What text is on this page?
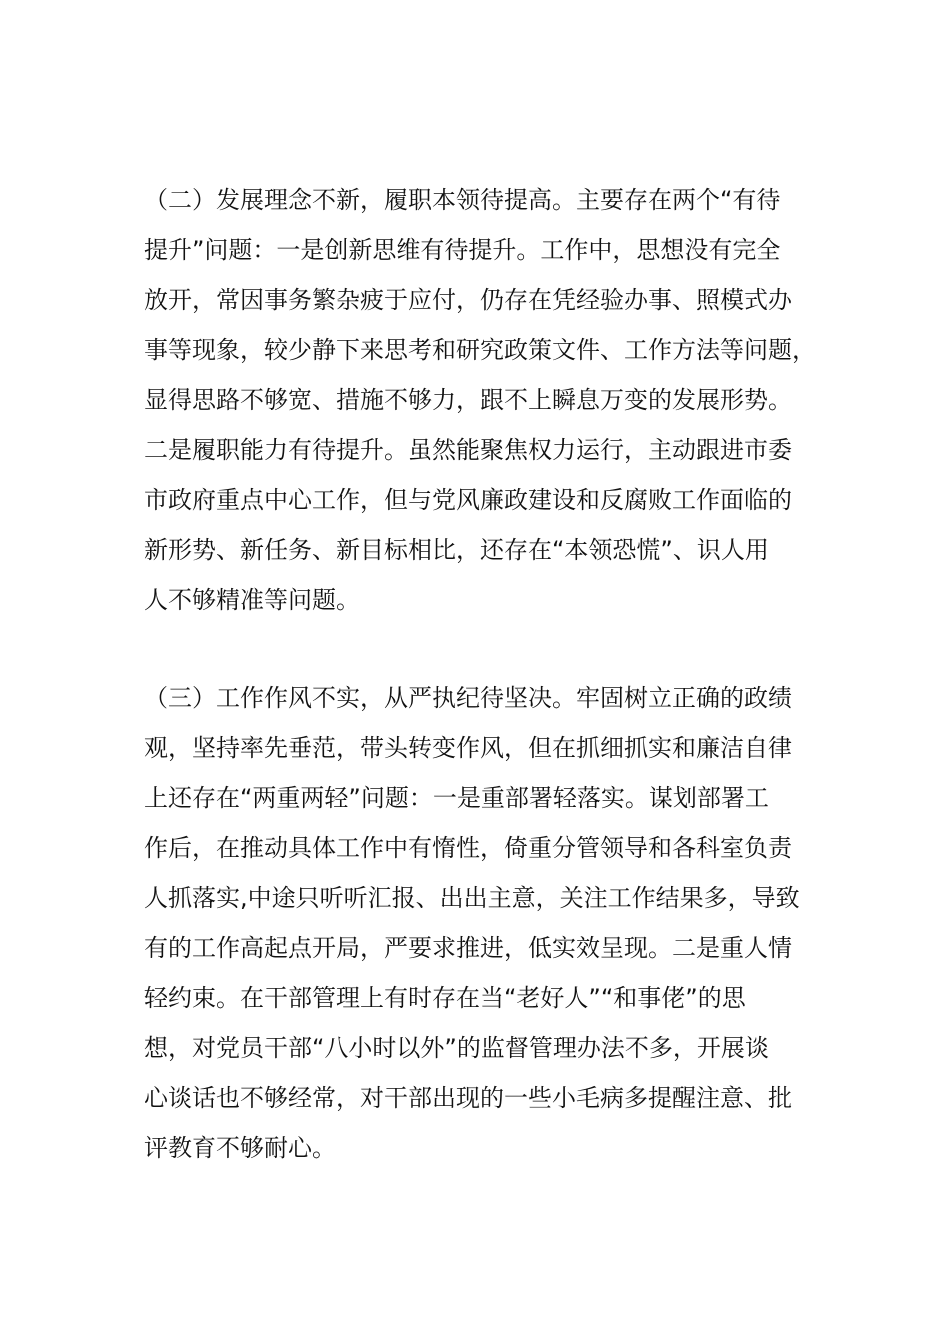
（二）发展理念不新，履职本领待提高。主要存在两个“有待
提升”问题：一是创新思维有待提升。工作中，思想没有完全
放开，常因事务繁杂疲于应付，仍存在凭经验办事、照模式办
事等现象，较少静下来思考和研究政策文件、工作方法等问题，
显得思路不够宽、措施不够力，跟不上瞬息万变的发展形势。
二是履职能力有待提升。虽然能聚焦权力运行，主动跟进市委
市政府重点中心工作，但与党风廉政建设和反腐败工作面临的
新形势、新任务、新目标相比，还存在“本领恐慌”、识人用
人不够精准等问题。
（三）工作作风不实，从严执纪待坚决。牢固树立正确的政绩
观，坚持率先垂范，带头转变作风，但在抓细抓实和廉洁自律
上还存在“两重两轻”问题：一是重部署轻落实。谋划部署工
作后，在推动具体工作中有惰性，倚重分管领导和各科室负责
人抓落实,中途只听听汇报、出出主意，关注工作结果多，导致
有的工作高起点开局，严要求推进，低实效呈现。二是重人情
轻约束。在干部管理上有时存在当“老好人”“和事佬”的思
想，对党员干部“八小时以外”的监督管理办法不多，开展谈
心谈话也不够经常，对干部出现的一些小毛病多提醒注意、批
评教育不够耐心。
